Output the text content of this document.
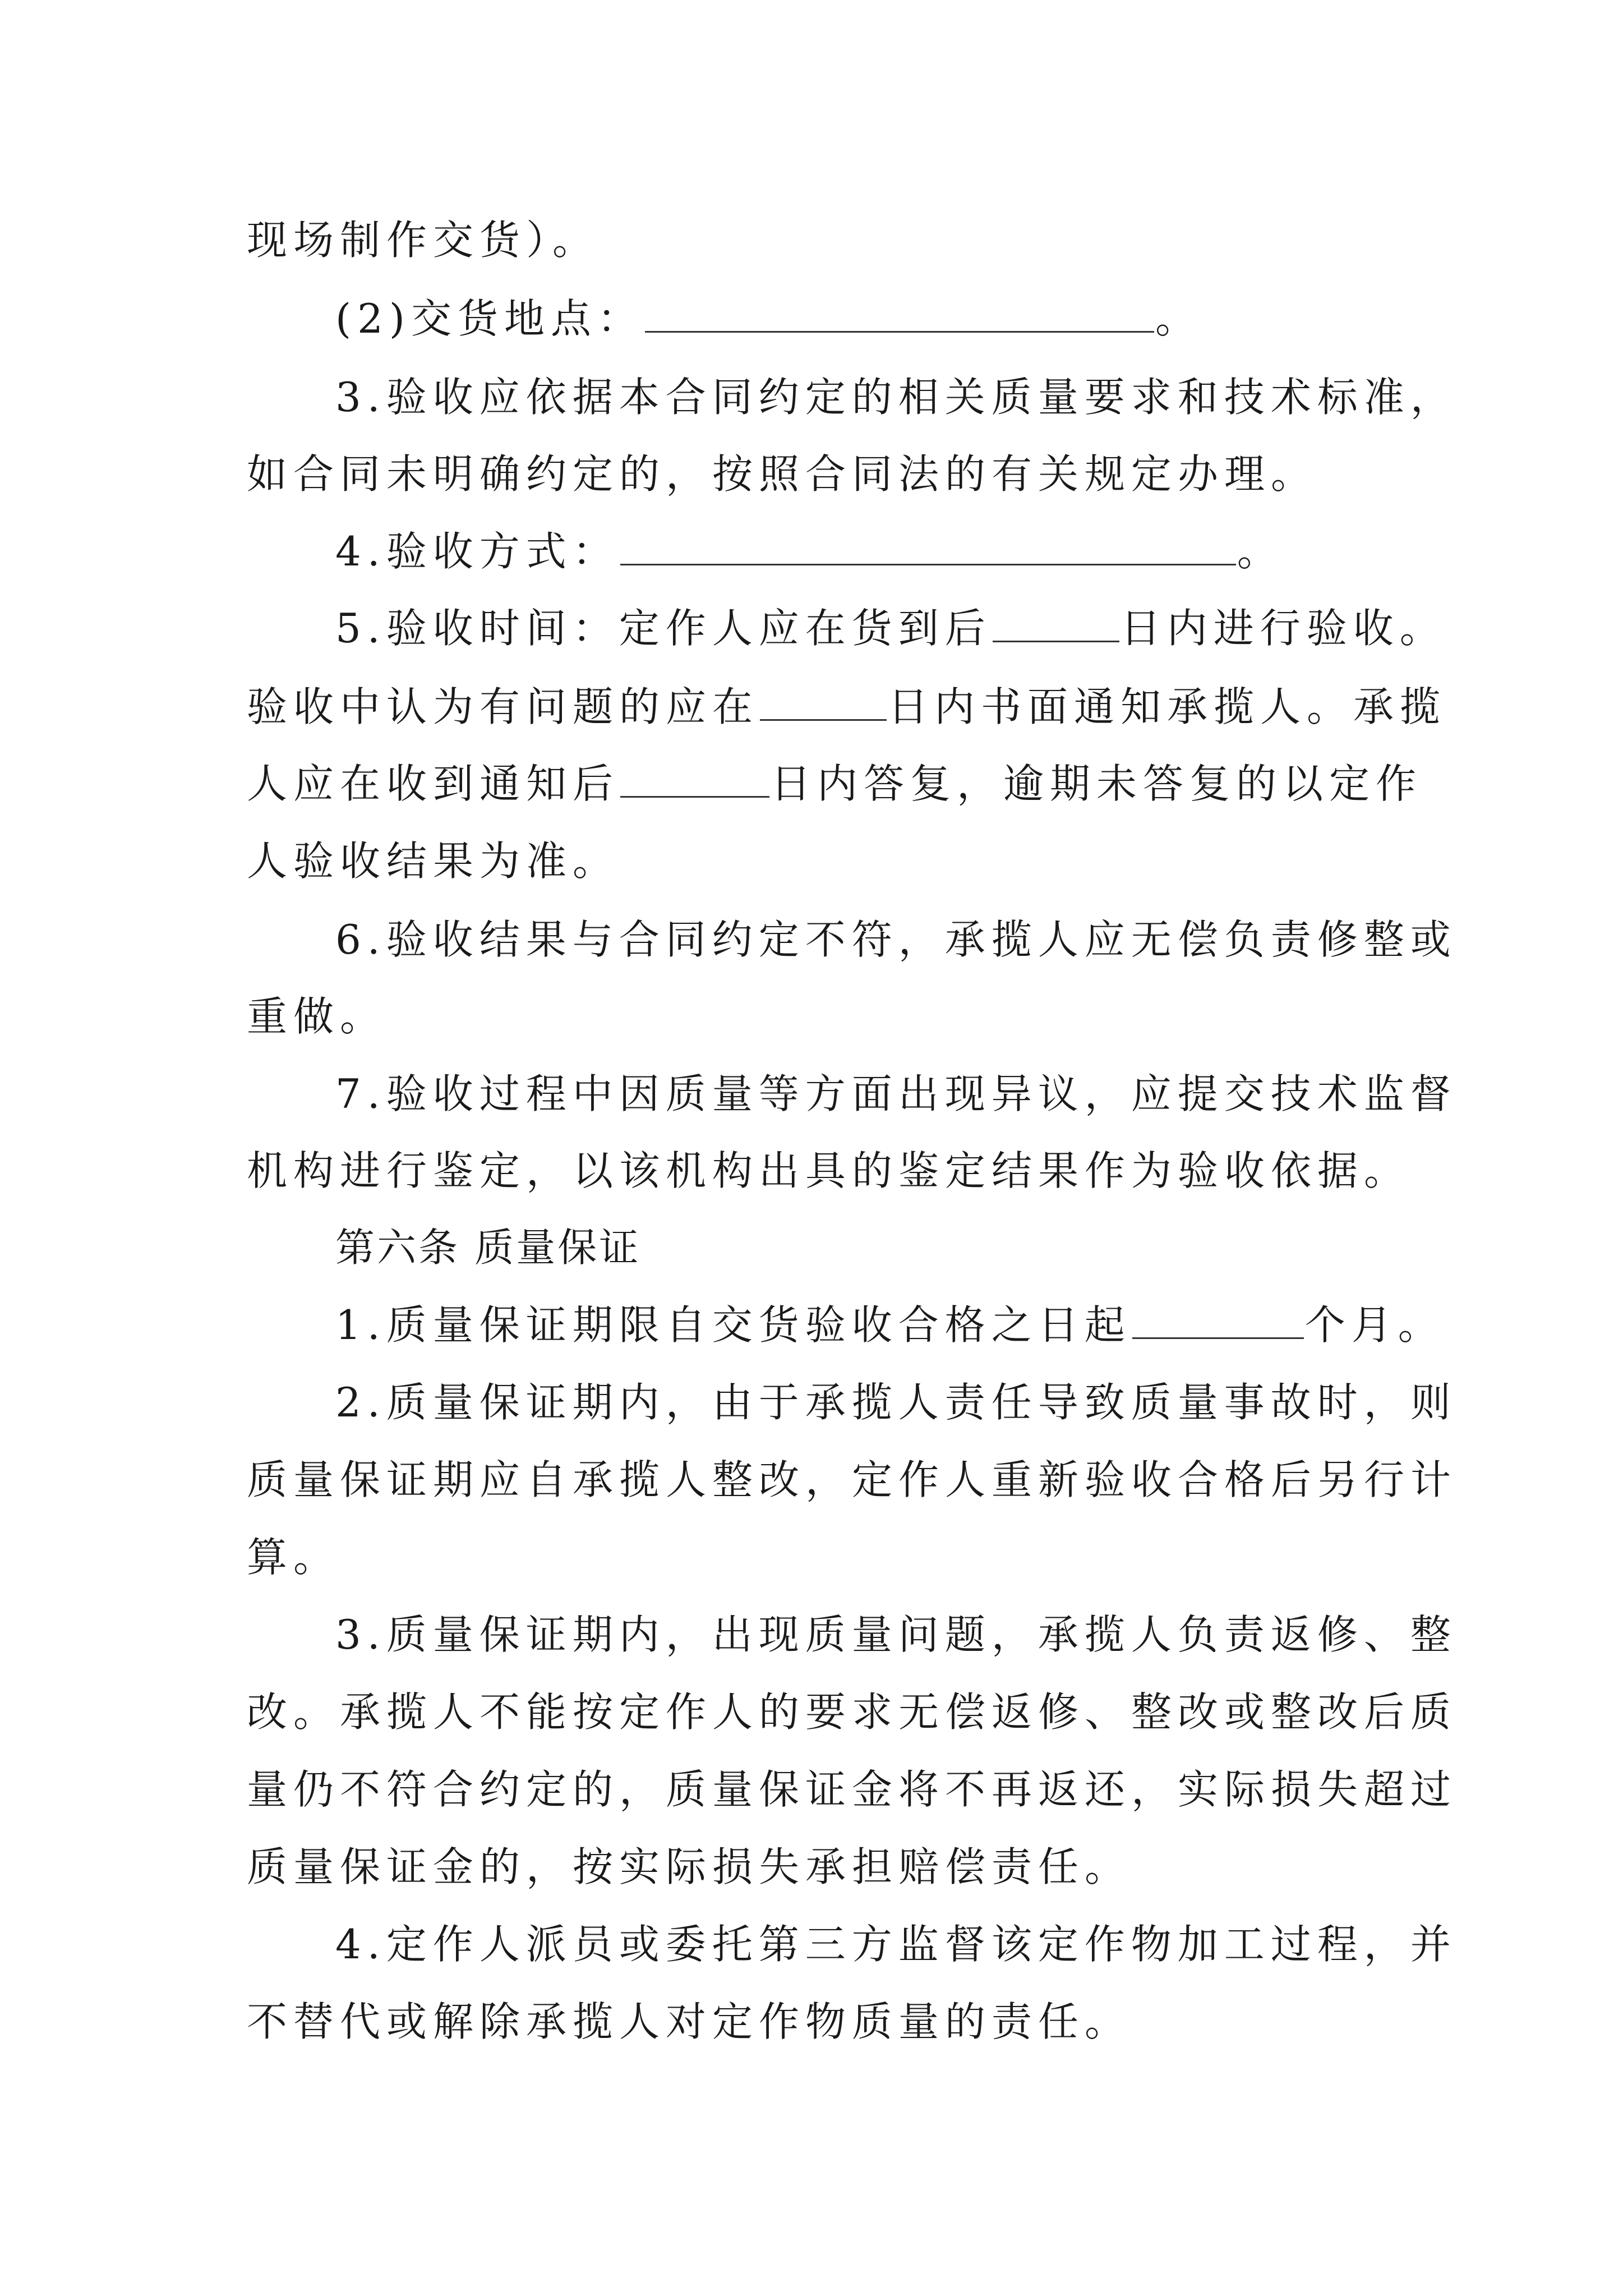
现场制作交货）。
(2)交货地点：	。
3.验收应依据本合同约定的相关质量要求和技术标准，
如合同未明确约定的，按照合同法的有关规定办理。
4.验收方式：	。
5.验收时间：定作人应在货到后	日内进行验收。
验收中认为有问题的应在	日内书面通知承揽人。承揽
人应在收到通知后	日内答复，逾期未答复的以定作
人验收结果为准。
6.验收结果与合同约定不符，承揽人应无偿负责修整或
重做。
7.验收过程中因质量等方面出现异议，应提交技术监督
机构进行鉴定，以该机构出具的鉴定结果作为验收依据。
第六条 质量保证
1.质量保证期限自交货验收合格之日起	个月。
2.质量保证期内，由于承揽人责任导致质量事故时，则
质量保证期应自承揽人整改，定作人重新验收合格后另行计
算。
3.质量保证期内，出现质量问题，承揽人负责返修、整
改。承揽人不能按定作人的要求无偿返修、整改或整改后质
量仍不符合约定的，质量保证金将不再返还，实际损失超过
质量保证金的，按实际损失承担赔偿责任。
4.定作人派员或委托第三方监督该定作物加工过程，并
不替代或解除承揽人对定作物质量的责任。
